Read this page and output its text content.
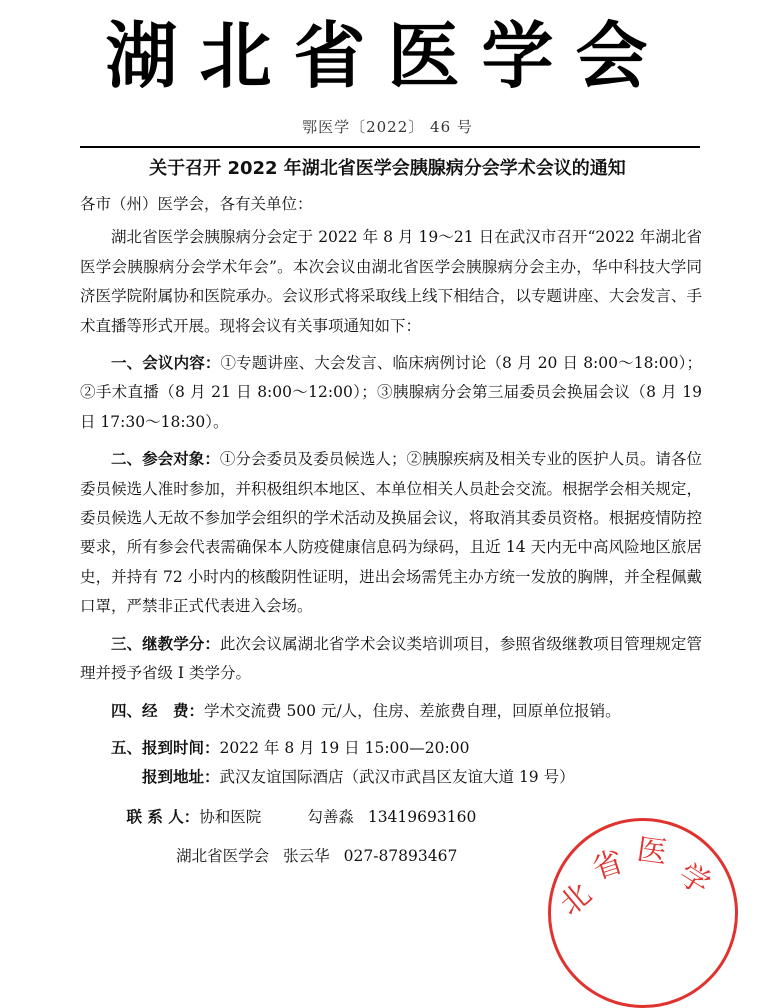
湖北省医学会
鄂医学〔2022〕 46 号
关于召开 2022 年湖北省医学会胰腺病分会学术会议的通知

各市（州）医学会，各有关单位：

湖北省医学会胰腺病分会定于 2022 年 8 月 19～21 日在武汉市召开“2022 年湖北省医学会胰腺病分会学术年会”。本次会议由湖北省医学会胰腺病分会主办，华中科技大学同济医学院附属协和医院承办。会议形式将采取线上线下相结合，以专题讲座、大会发言、手术直播等形式开展。现将会议有关事项通知如下：

一、会议内容：①专题讲座、大会发言、临床病例讨论（8 月 20 日 8:00～18:00）；②手术直播（8 月 21 日 8:00～12:00）；③胰腺病分会第三届委员会换届会议（8 月 19 日 17:30～18:30）。

二、参会对象：①分会委员及委员候选人；②胰腺疾病及相关专业的医护人员。请各位委员候选人准时参加，并积极组织本地区、本单位相关人员赴会交流。根据学会相关规定，委员候选人无故不参加学会组织的学术活动及换届会议，将取消其委员资格。根据疫情防控要求，所有参会代表需确保本人防疫健康信息码为绿码，且近 14 天内无中高风险地区旅居史，并持有 72 小时内的核酸阴性证明，进出会场需凭主办方统一发放的胸牌，并全程佩戴口罩，严禁非正式代表进入会场。

三、继教学分：此次会议属湖北省学术会议类培训项目，参照省级继教项目管理规定管理并授予省级 I 类学分。

四、经　费：学术交流费 500 元/人，住房、差旅费自理，回原单位报销。

五、报到时间：2022 年 8 月 19 日 15:00—20:00

报到地址：武汉友谊国际酒店（武汉市武昌区友谊大道 19 号）

联 系 人：协和医院	勾善淼 13419693160

湖北省医学会 张云华 027-87893467	省 医
北 学
